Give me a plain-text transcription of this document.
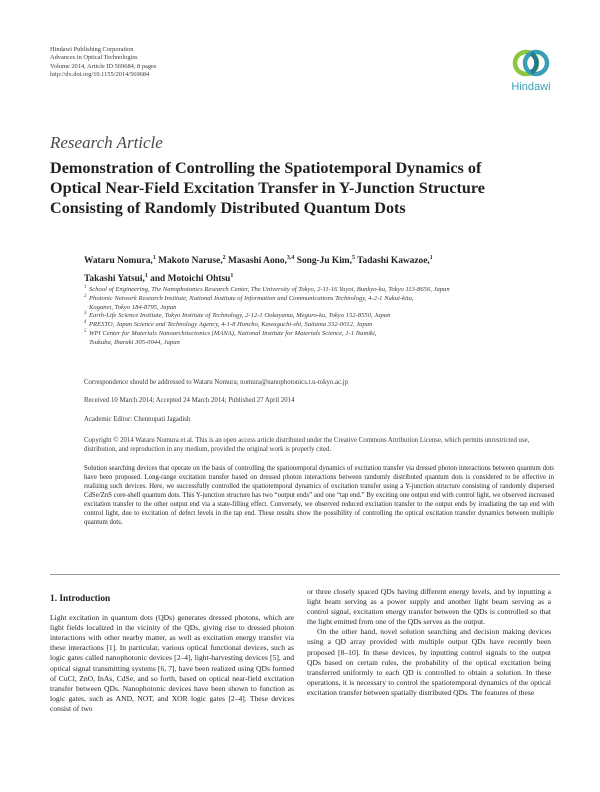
Hindawi Publishing Corporation
Advances in Optical Technologies
Volume 2014, Article ID 569684, 8 pages
http://dx.doi.org/10.1155/2014/569684
Hindawi
Research Article
Demonstration of Controlling the Spatiotemporal Dynamics of
Optical Near-Field Excitation Transfer in Y-Junction Structure
Consisting of Randomly Distributed Quantum Dots
Wataru Nomura,$^1$ Makoto Naruse,$^2$ Masashi Aono,$^{3,4}$ Song-Ju Kim,$^5$ Tadashi Kawazoe,$^1$
Takashi Yatsui,$^1$ and Motoichi Ohtsu$^1$
1 School of Engineering, The Nanophotonics Research Center, The University of Tokyo, 2-11-16 Yayoi, Bunkyo-ku, Tokyo 113-8656, Japan
2 Photonic Network Research Institute, National Institute of Information and Communications Technology, 4-2-1 Nukui-kita,
Koganei, Tokyo 184-8795, Japan
3 Earth-Life Science Institute, Tokyo Institute of Technology, 2-12-1 Ookayama, Meguro-ku, Tokyo 152-8550, Japan
4 PRESTO, Japan Science and Technology Agency, 4-1-8 Honcho, Kawaguchi-shi, Saitama 332-0012, Japan
5 WPI Center for Materials Nanoarchitectonics (MANA), National Institute for Materials Science, 1-1 Namiki,
Tsukuba, Ibaraki 305-0044, Japan
Correspondence should be addressed to Wataru Nomura; nomura@nanophotonics.t.u-tokyo.ac.jp
Received 10 March 2014; Accepted 24 March 2014; Published 27 April 2014
Academic Editor: Chennupati Jagadish
Copyright © 2014 Wataru Nomura et al. This is an open access article distributed under the Creative Commons Attribution License, which permits unrestricted use, distribution, and reproduction in any medium, provided the original work is properly cited.
Solution searching devices that operate on the basis of controlling the spatiotemporal dynamics of excitation transfer via dressed photon interactions between quantum dots have been proposed. Long-range excitation transfer based on dressed photon interactions between randomly distributed quantum dots is considered to be effective in realizing such devices. Here, we successfully controlled the spatiotemporal dynamics of excitation transfer using a Y-junction structure consisting of randomly dispersed CdSe/ZnS core-shell quantum dots. This Y-junction structure has two “output ends” and one “tap end.” By exciting one output end with control light, we observed increased excitation transfer to the other output end via a state-filling effect. Conversely, we observed reduced excitation transfer to the output ends by irradiating the tap end with control light, due to excitation of defect levels in the tap end. These results show the possibility of controlling the optical excitation transfer dynamics between multiple quantum dots.
1. Introduction

Light excitation in quantum dots (QDs) generates dressed photons, which are light fields localized in the vicinity of the QDs, giving rise to dressed photon interactions with other nearby matter, as well as excitation energy transfer via these interactions [1]. In particular, various optical functional devices, such as logic gates called nanophotonic devices [2–4], light-harvesting devices [5], and optical signal transmitting systems [6, 7], have been realized using QDs formed of CuCl, ZnO, InAs, CdSe, and so forth, based on optical near-field excitation transfer between QDs. Nanophotonic devices have been shown to function as logic gates, such as AND, NOT, and XOR logic gates [2–4]. These devices consist of two

or three closely spaced QDs having different energy levels, and by inputting a light beam serving as a power supply and another light beam serving as a control signal, excitation energy transfer between the QDs is controlled so that the light emitted from one of the QDs serves as the output.

On the other hand, novel solution searching and decision making devices using a QD array provided with multiple output QDs have recently been proposed [8–10]. In these devices, by inputting control signals to the output QDs based on certain rules, the probability of the optical excitation being transferred uniformly to each QD is controlled to obtain a solution. In these operations, it is necessary to control the spatiotemporal dynamics of the optical excitation transfer between spatially distributed QDs. The features of these
